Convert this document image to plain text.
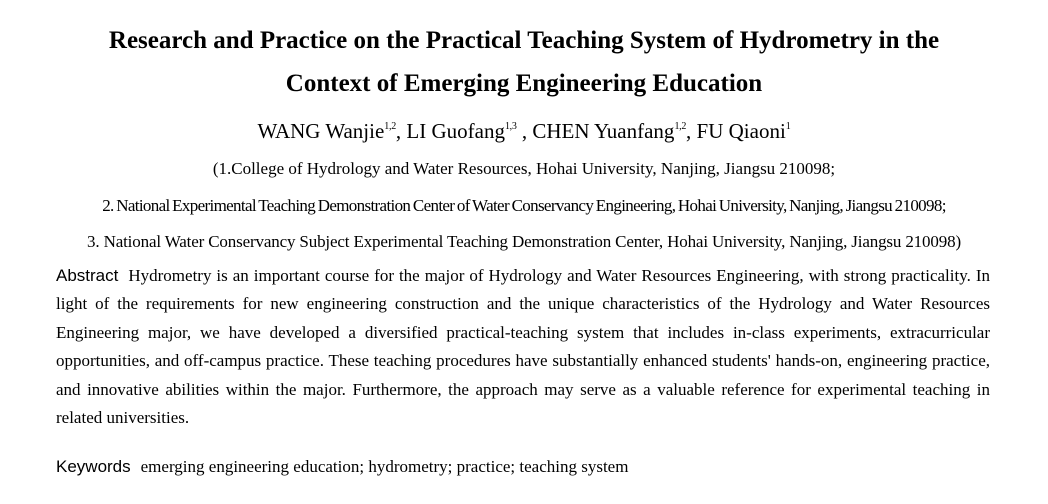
Research and Practice on the Practical Teaching System of Hydrometry in the
Context of Emerging Engineering Education
WANG Wanjie$^{1,2}$, LI Guofang$^{1,3}$ , CHEN Yuanfang$^{1,2}$, FU Qiaoni$^1$
(1.College of Hydrology and Water Resources, Hohai University, Nanjing, Jiangsu 210098;
2. National Experimental Teaching Demonstration Center of Water Conservancy Engineering, Hohai University, Nanjing, Jiangsu 210098;
3. National Water Conservancy Subject Experimental Teaching Demonstration Center, Hohai University, Nanjing, Jiangsu 210098)

Abstract Hydrometry is an important course for the major of Hydrology and Water Resources Engineering, with strong practicality. In light of the requirements for new engineering construction and the unique characteristics of the Hydrology and Water Resources Engineering major, we have developed a diversified practical-teaching system that includes in-class experiments, extracurricular opportunities, and off-campus practice. These teaching procedures have substantially enhanced students' hands-on, engineering practice, and innovative abilities within the major. Furthermore, the approach may serve as a valuable reference for experimental teaching in related universities.

Keywords emerging engineering education; hydrometry; practice; teaching system
